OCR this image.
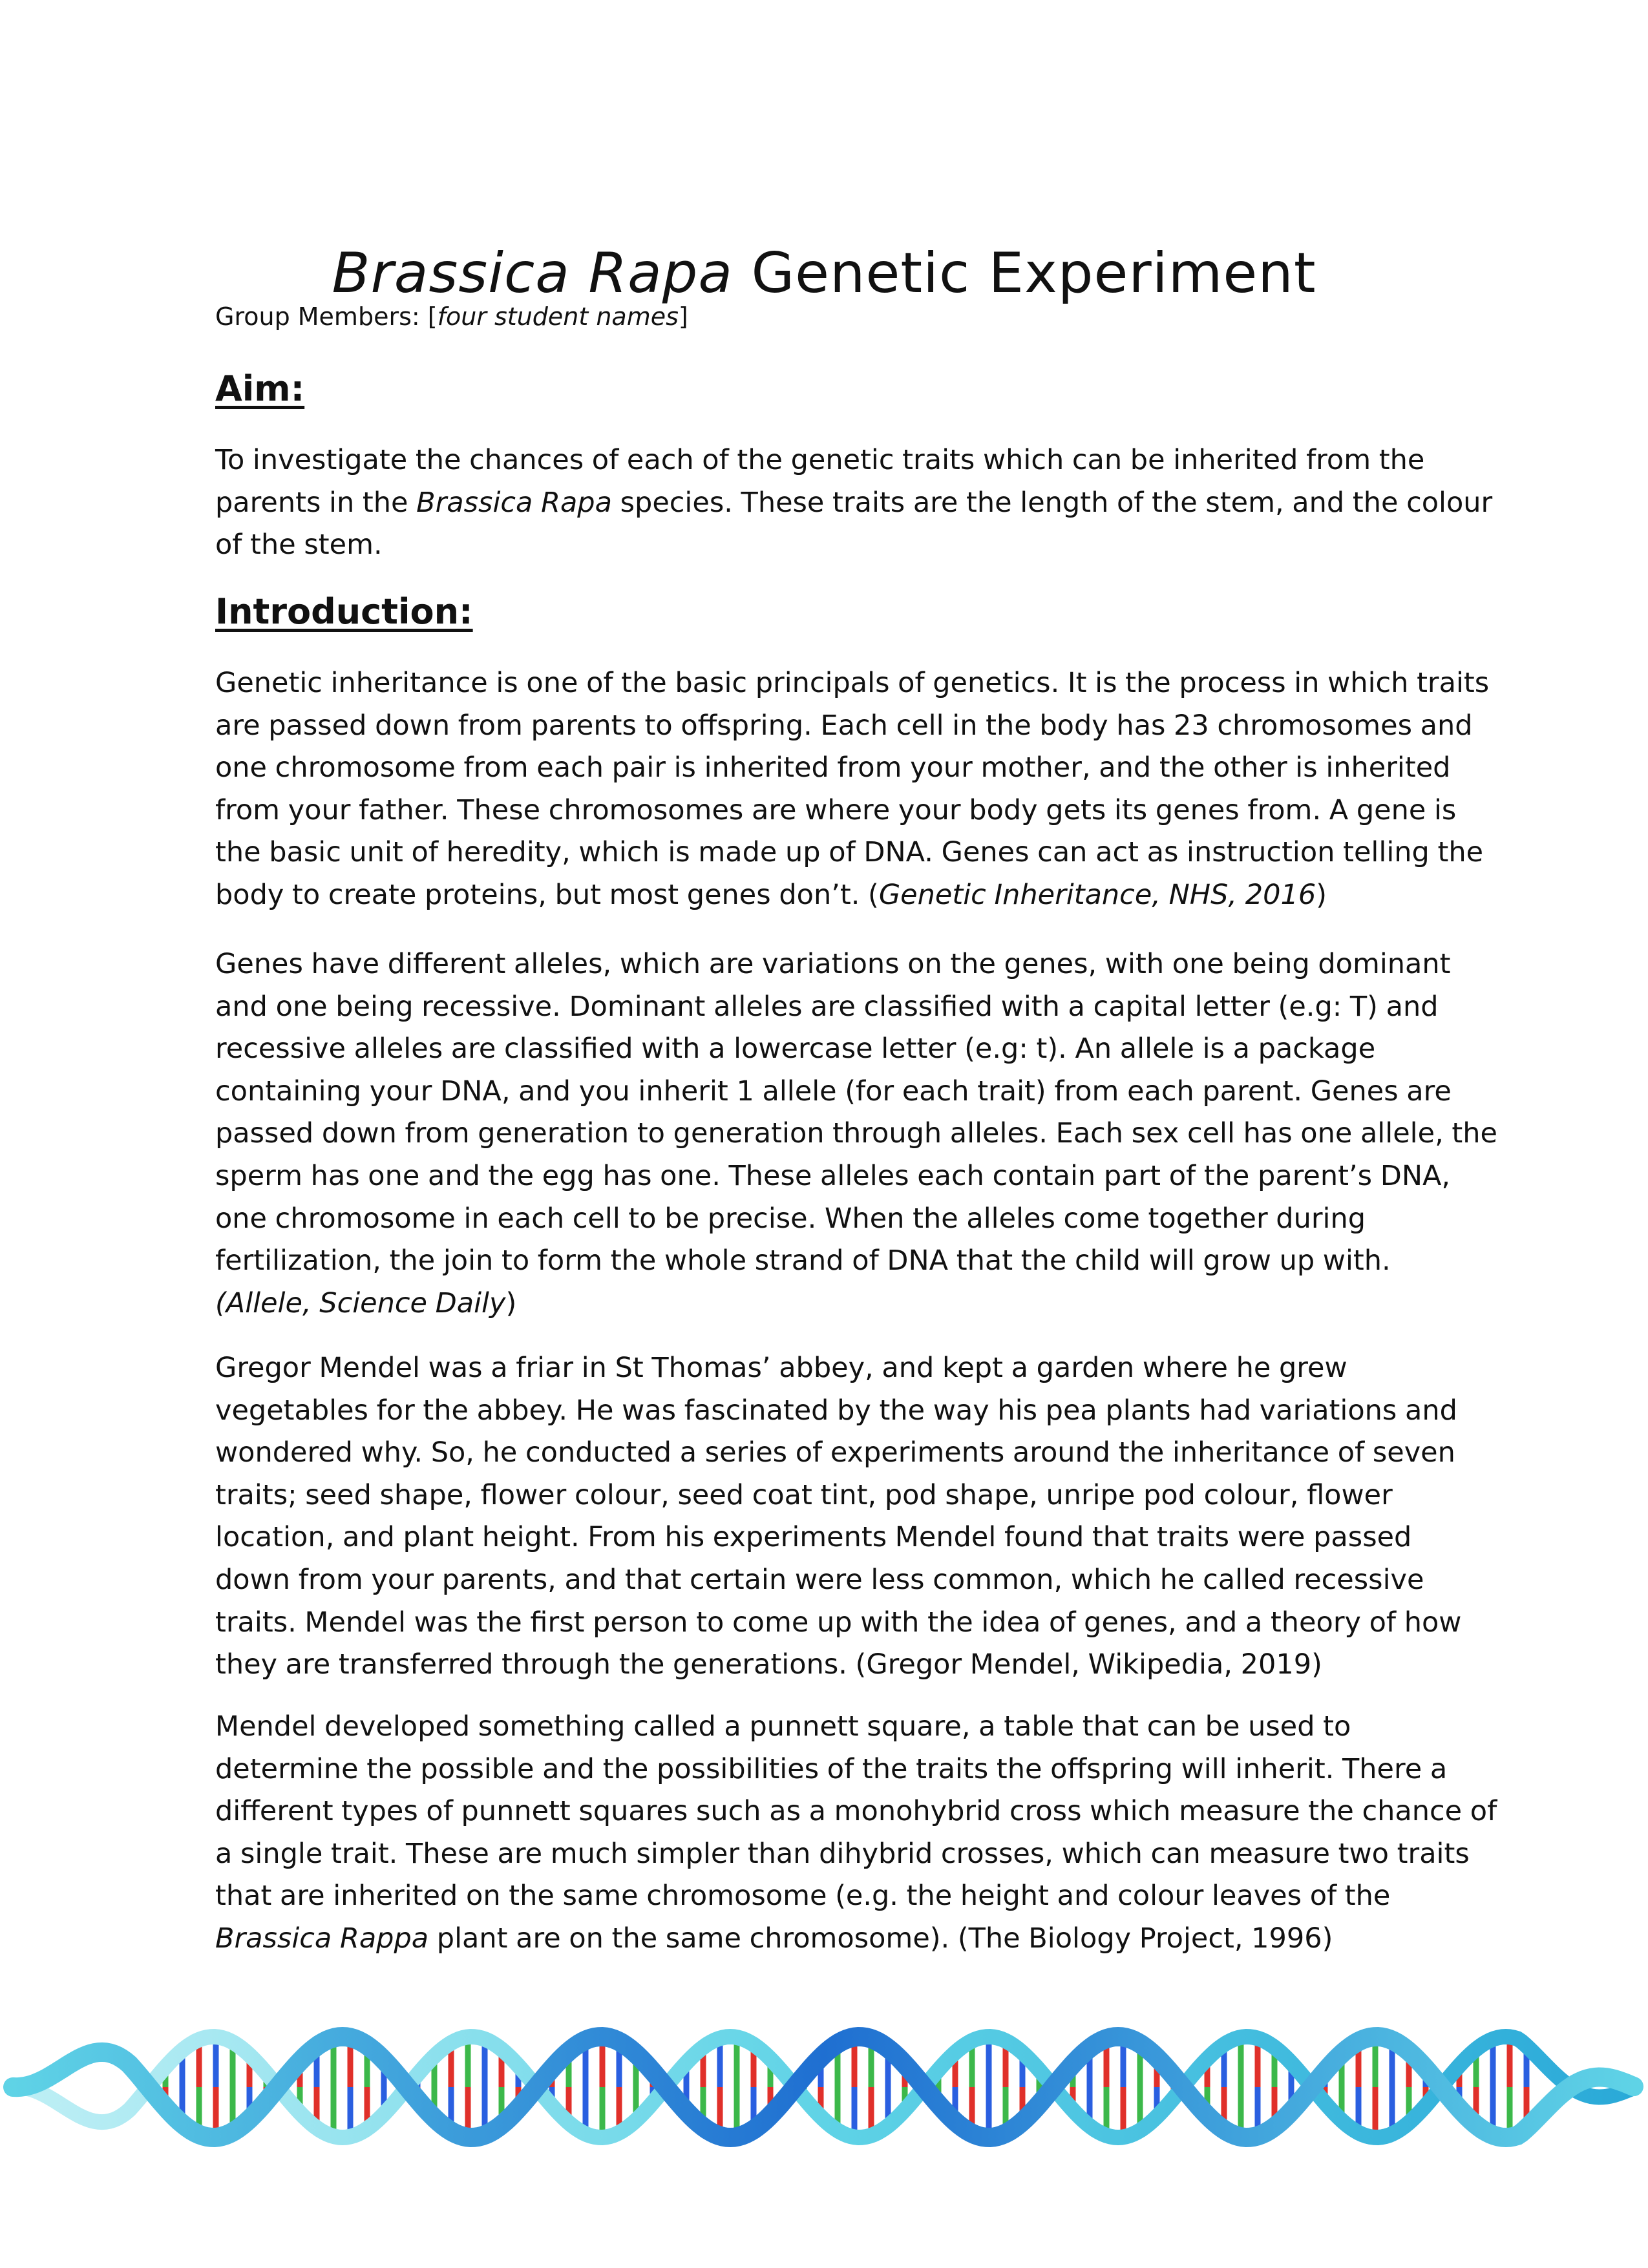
Brassica Rapa Genetic Experiment
Group Members: [four student names]
Aim:
To investigate the chances of each of the genetic traits which can be inherited from the
parents in the Brassica Rapa species. These traits are the length of the stem, and the colour
of the stem.
Introduction:
Genetic inheritance is one of the basic principals of genetics. It is the process in which traits
are passed down from parents to offspring. Each cell in the body has 23 chromosomes and
one chromosome from each pair is inherited from your mother, and the other is inherited
from your father. These chromosomes are where your body gets its genes from. A gene is
the basic unit of heredity, which is made up of DNA. Genes can act as instruction telling the
body to create proteins, but most genes don’t. (Genetic Inheritance, NHS, 2016)
Genes have different alleles, which are variations on the genes, with one being dominant
and one being recessive. Dominant alleles are classified with a capital letter (e.g: T) and
recessive alleles are classified with a lowercase letter (e.g: t). An allele is a package
containing your DNA, and you inherit 1 allele (for each trait) from each parent. Genes are
passed down from generation to generation through alleles. Each sex cell has one allele, the
sperm has one and the egg has one. These alleles each contain part of the parent’s DNA,
one chromosome in each cell to be precise. When the alleles come together during
fertilization, the join to form the whole strand of DNA that the child will grow up with.
(Allele, Science Daily)
Gregor Mendel was a friar in St Thomas’ abbey, and kept a garden where he grew
vegetables for the abbey. He was fascinated by the way his pea plants had variations and
wondered why. So, he conducted a series of experiments around the inheritance of seven
traits; seed shape, flower colour, seed coat tint, pod shape, unripe pod colour, flower
location, and plant height. From his experiments Mendel found that traits were passed
down from your parents, and that certain were less common, which he called recessive
traits. Mendel was the first person to come up with the idea of genes, and a theory of how
they are transferred through the generations. (Gregor Mendel, Wikipedia, 2019)
Mendel developed something called a punnett square, a table that can be used to
determine the possible and the possibilities of the traits the offspring will inherit. There a
different types of punnett squares such as a monohybrid cross which measure the chance of
a single trait. These are much simpler than dihybrid crosses, which can measure two traits
that are inherited on the same chromosome (e.g. the height and colour leaves of the
Brassica Rappa plant are on the same chromosome). (The Biology Project, 1996)
